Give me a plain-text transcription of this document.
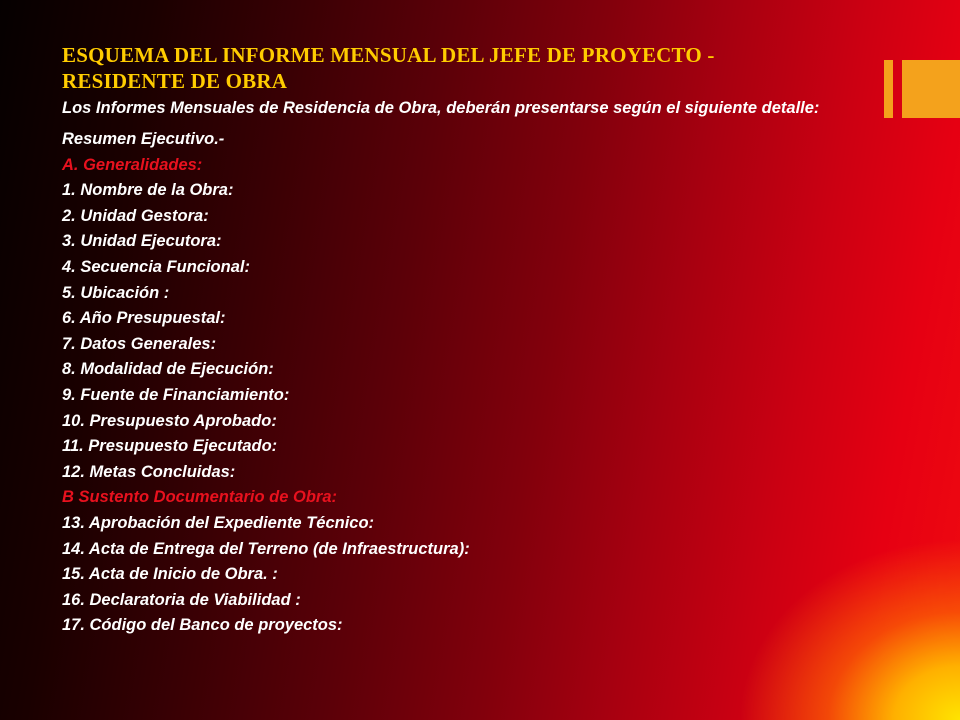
ESQUEMA DEL INFORME MENSUAL DEL JEFE DE PROYECTO - RESIDENTE DE OBRA
Los Informes Mensuales de Residencia de Obra, deberán presentarse según el siguiente detalle:
Resumen Ejecutivo.-
A. Generalidades:
1. Nombre de la Obra:
2. Unidad Gestora:
3. Unidad Ejecutora:
4. Secuencia Funcional:
5. Ubicación :
6. Año Presupuestal:
7. Datos Generales:
8. Modalidad de Ejecución:
9. Fuente de Financiamiento:
10. Presupuesto Aprobado:
11. Presupuesto Ejecutado:
12. Metas Concluidas:
B Sustento Documentario de Obra:
13. Aprobación del Expediente Técnico:
14. Acta de Entrega del Terreno (de Infraestructura):
15. Acta de Inicio de Obra. :
16. Declaratoria de Viabilidad :
17. Código del Banco de proyectos:
